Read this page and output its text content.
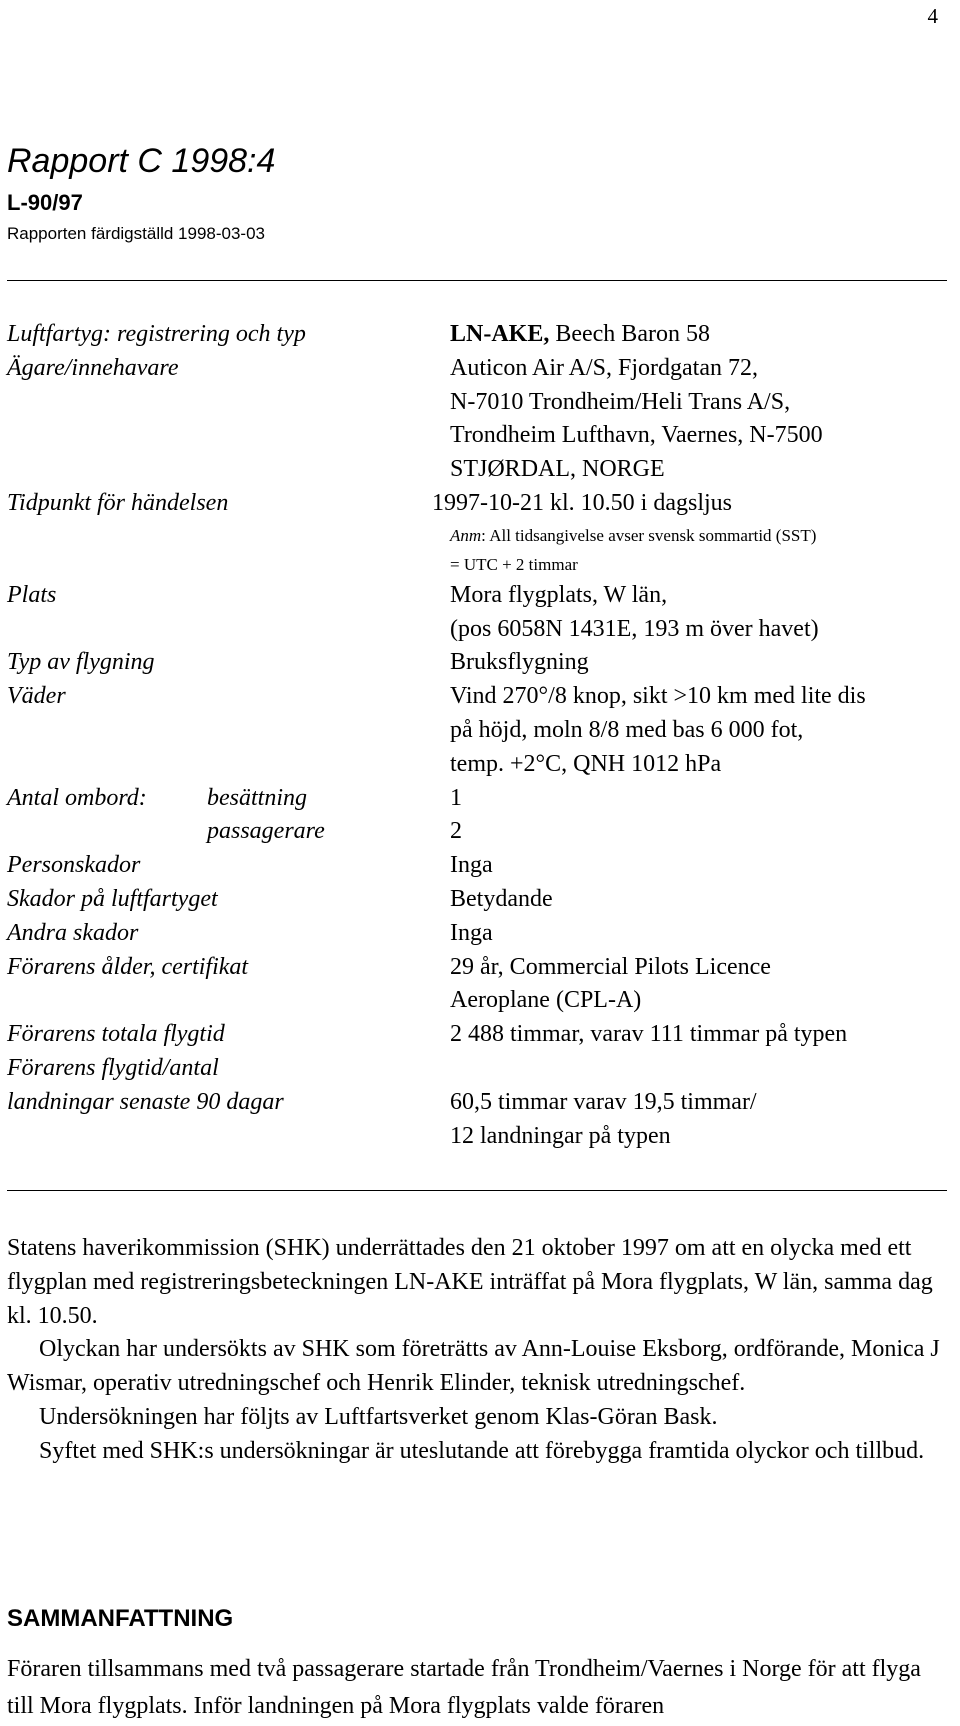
4
Rapport C 1998:4
L-90/97
Rapporten färdigställd 1998-03-03
Luftfartyg: registrering och typ	LN-AKE, Beech Baron 58
Ägare/innehavare	Auticon Air A/S, Fjordgatan 72,
N-7010 Trondheim/Heli Trans A/S,
Trondheim Lufthavn, Vaernes, N-7500
STJØRDAL, NORGE
Tidpunkt för händelsen	1997-10-21 kl. 10.50 i dagsljus
Anm: All tidsangivelse avser svensk sommartid (SST)
= UTC + 2 timmar
Plats	Mora flygplats, W län,
(pos 6058N 1431E, 193 m över havet)
Typ av flygning	Bruksflygning
Väder	Vind 270°/8 knop, sikt >10 km med lite dis
på höjd, moln 8/8 med bas 6 000 fot,
temp. +2°C, QNH 1012 hPa
Antal ombord:	besättning	1
passagerare	2
Personskador	Inga
Skador på luftfartyget	Betydande
Andra skador	Inga
Förarens ålder, certifikat	29 år, Commercial Pilots Licence
Aeroplane (CPL-A)
Förarens totala flygtid	2 488 timmar, varav 111 timmar på typen
Förarens flygtid/antal
landningar senaste 90 dagar	60,5 timmar varav 19,5 timmar/
12 landningar på typen

Statens haverikommission (SHK) underrättades den 21 oktober 1997 om att en olycka med ett flygplan med registreringsbeteckningen LN-AKE inträffat på Mora flygplats, W län, samma dag kl. 10.50.

Olyckan har undersökts av SHK som företrätts av Ann-Louise Eksborg, ordförande, Monica J Wismar, operativ utredningschef och Henrik Elinder, teknisk utredningschef.

Undersökningen har följts av Luftfartsverket genom Klas-Göran Bask.

Syftet med SHK:s undersökningar är uteslutande att förebygga framtida olyckor och tillbud.

SAMMANFATTNING
Föraren tillsammans med två passagerare startade från Trondheim/Vaernes i Norge för att flyga till Mora flygplats. Inför landningen på Mora flygplats valde föraren
